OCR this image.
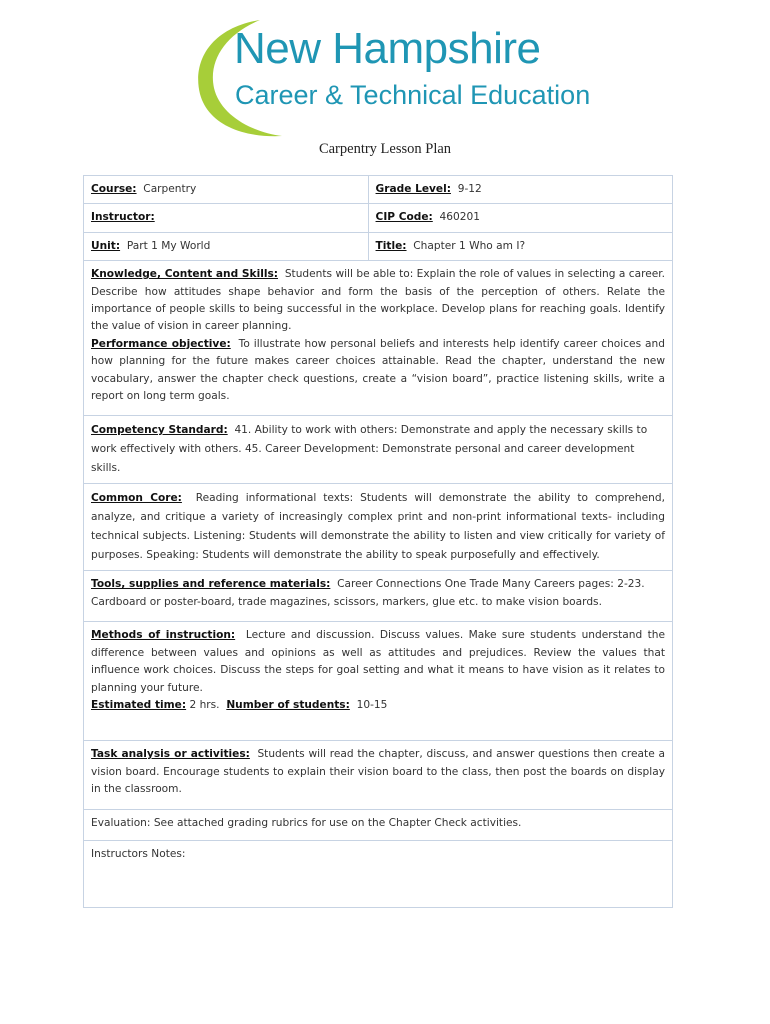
New Hampshire
Career & Technical Education
Carpentry Lesson Plan
Course: Carpentry	Grade Level: 9-12
Instructor:	CIP Code: 460201
Unit: Part 1 My World	Title: Chapter 1 Who am I?

Knowledge, Content and Skills: Students will be able to: Explain the role of values in selecting a career. Describe how attitudes shape behavior and form the basis of the perception of others. Relate the importance of people skills to being successful in the workplace. Develop plans for reaching goals. Identify the value of vision in career planning.
Performance objective: To illustrate how personal beliefs and interests help identify career choices and how planning for the future makes career choices attainable. Read the chapter, understand the new vocabulary, answer the chapter check questions, create a “vision board”, practice listening skills, write a report on long term goals.	

Competency Standard: 41. Ability to work with others: Demonstrate and apply the necessary skills to work effectively with others. 45. Career Development: Demonstrate personal and career development skills.	
Common Core: Reading informational texts: Students will demonstrate the ability to comprehend, analyze, and critique a variety of increasingly complex print and non-print informational texts- including technical subjects. Listening: Students will demonstrate the ability to listen and view critically for variety of purposes. Speaking: Students will demonstrate the ability to speak purposefully and effectively.	
Tools, supplies and reference materials: Career Connections One Trade Many Careers pages: 2-23. Cardboard or poster-board, trade magazines, scissors, markers, glue etc. to make vision boards.	

Methods of instruction: Lecture and discussion. Discuss values. Make sure students understand the difference between values and opinions as well as attitudes and prejudices. Review the values that influence work choices. Discuss the steps for goal setting and what it means to have vision as it relates to planning your future.
Estimated time: 2 hrs. Number of students: 10-15	

Task analysis or activities: Students will read the chapter, discuss, and answer questions then create a vision board. Encourage students to explain their vision board to the class, then post the boards on display in the classroom.	
Evaluation: See attached grading rubrics for use on the Chapter Check activities.	
Instructors Notes:	
